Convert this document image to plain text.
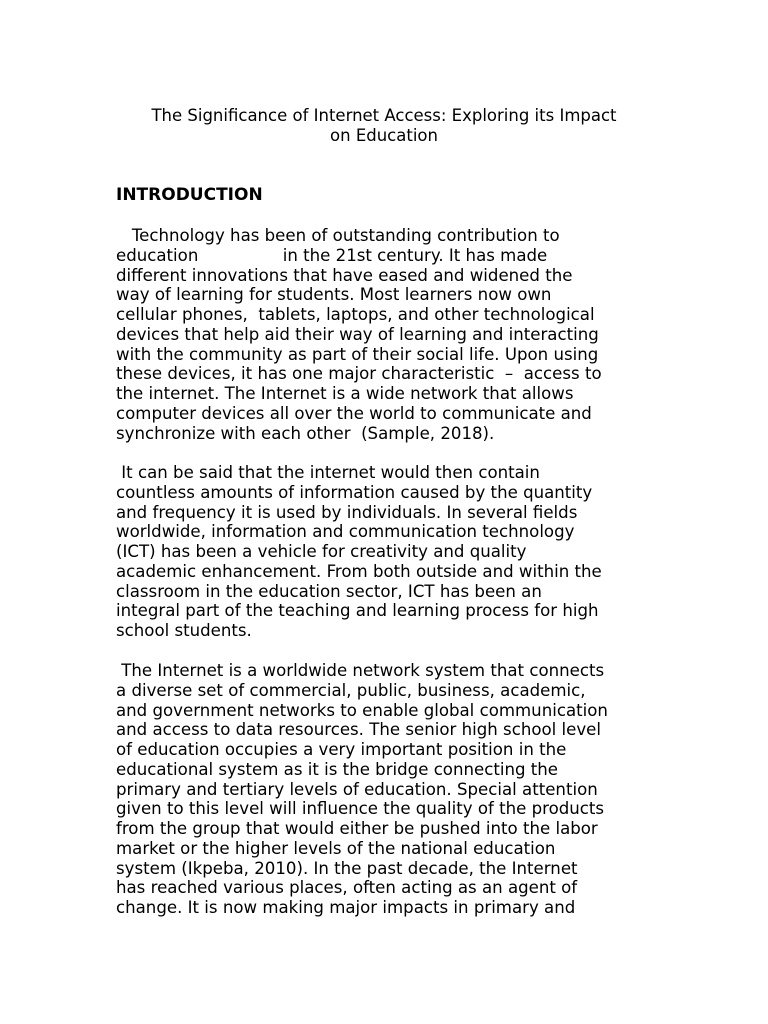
The Significance of Internet Access: Exploring its Impact
on Education
INTRODUCTION
Technology has been of outstanding contribution to
education                in the 21st century. It has made
different innovations that have eased and widened the
way of learning for students. Most learners now own
cellular phones,  tablets, laptops, and other technological
devices that help aid their way of learning and interacting
with the community as part of their social life. Upon using
these devices, it has one major characteristic  –  access to
the internet. The Internet is a wide network that allows
computer devices all over the world to communicate and
synchronize with each other  (Sample, 2018).
It can be said that the internet would then contain
countless amounts of information caused by the quantity
and frequency it is used by individuals. In several fields
worldwide, information and communication technology
(ICT) has been a vehicle for creativity and quality
academic enhancement. From both outside and within the
classroom in the education sector, ICT has been an
integral part of the teaching and learning process for high
school students.
The Internet is a worldwide network system that connects
a diverse set of commercial, public, business, academic,
and government networks to enable global communication
and access to data resources. The senior high school level
of education occupies a very important position in the
educational system as it is the bridge connecting the
primary and tertiary levels of education. Special attention
given to this level will influence the quality of the products
from the group that would either be pushed into the labor
market or the higher levels of the national education
system (Ikpeba, 2010). In the past decade, the Internet
has reached various places, often acting as an agent of
change. It is now making major impacts in primary and
